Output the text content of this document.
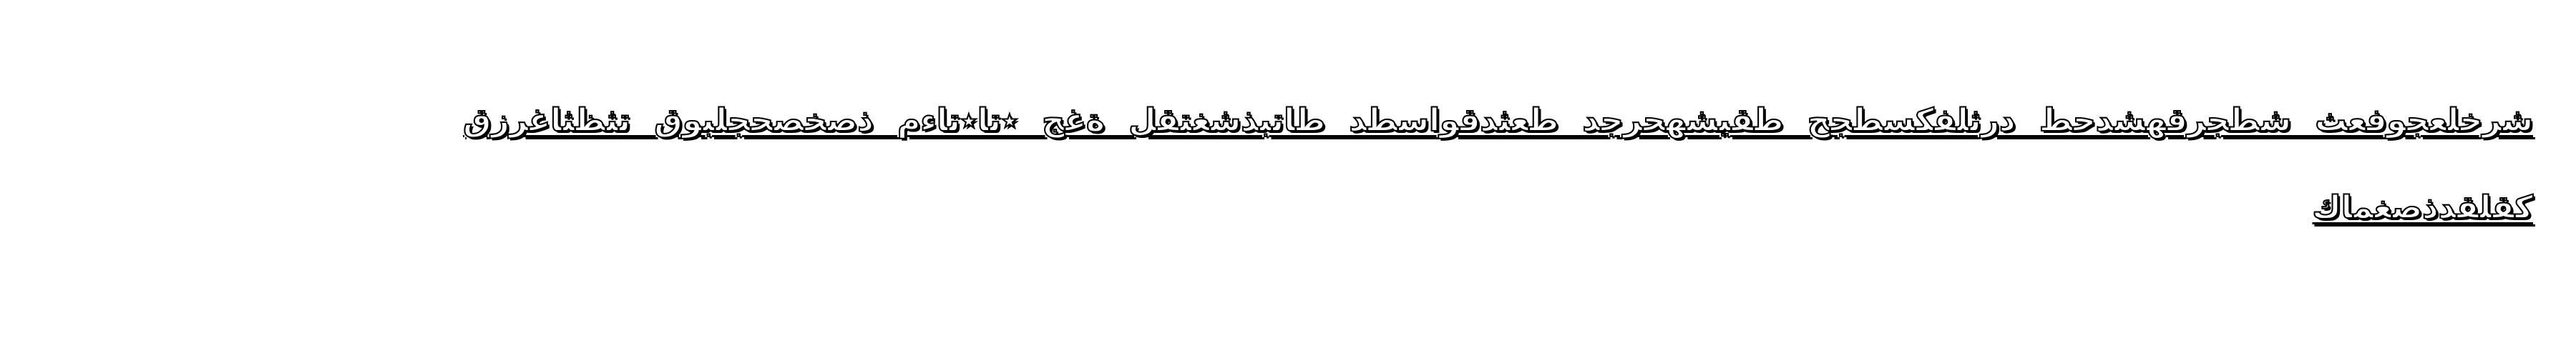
شرخلعجوفعث شطجرقهشدحط درثلفكسطجح طقيشهحرجد طعثدقواسطد طاتبذشغتقل ةغج ٭تا٭تاءم ذصخصحجلبوق تثظثاغرزق
كقلقدذصغماك
